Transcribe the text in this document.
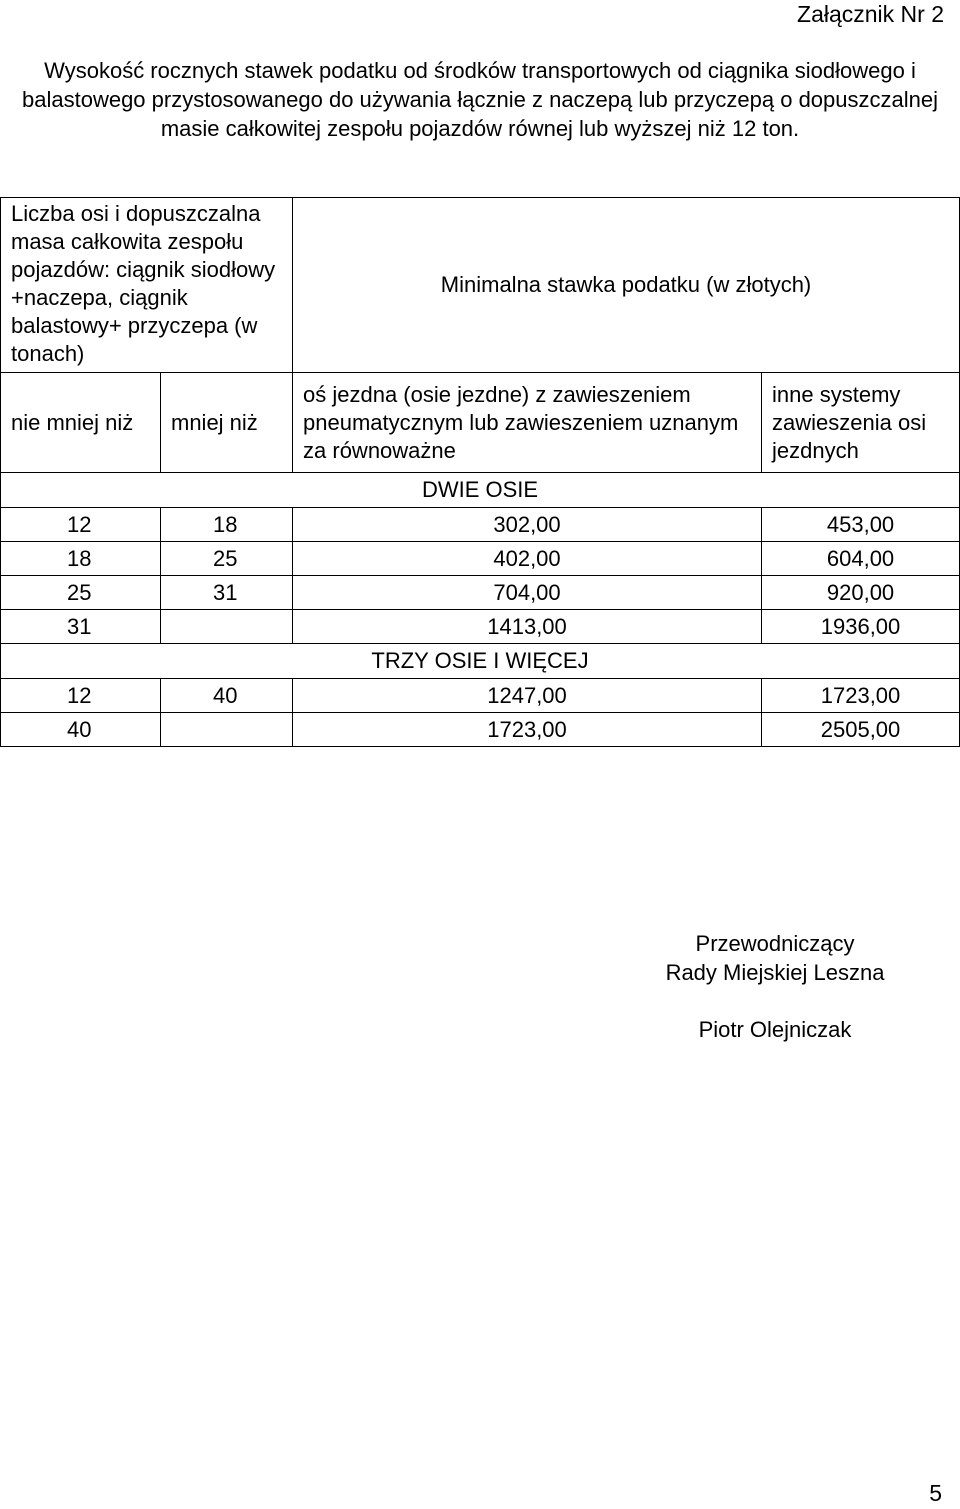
Załącznik Nr 2
Wysokość rocznych stawek podatku od środków transportowych od ciągnika siodłowego i balastowego przystosowanego do używania łącznie z naczepą lub przyczepą o dopuszczalnej masie całkowitej zespołu pojazdów równej lub wyższej niż 12 ton.
Liczba osi i dopuszczalna masa całkowita zespołu pojazdów: ciągnik siodłowy +naczepa, ciągnik balastowy+ przyczepa (w tonach)		Minimalna stawka podatku (w złotych)	
nie mniej niż	mniej niż	oś jezdna (osie jezdne) z zawieszeniem pneumatycznym lub zawieszeniem uznanym za równoważne	inne systemy zawieszenia osi jezdnych
DWIE OSIE			
12	18	302,00	453,00
18	25	402,00	604,00
25	31	704,00	920,00
31		1413,00	1936,00
TRZY OSIE I WIĘCEJ			
12	40	1247,00	1723,00
40		1723,00	2505,00
Przewodniczący
Rady Miejskiej Leszna
Piotr Olejniczak
5
